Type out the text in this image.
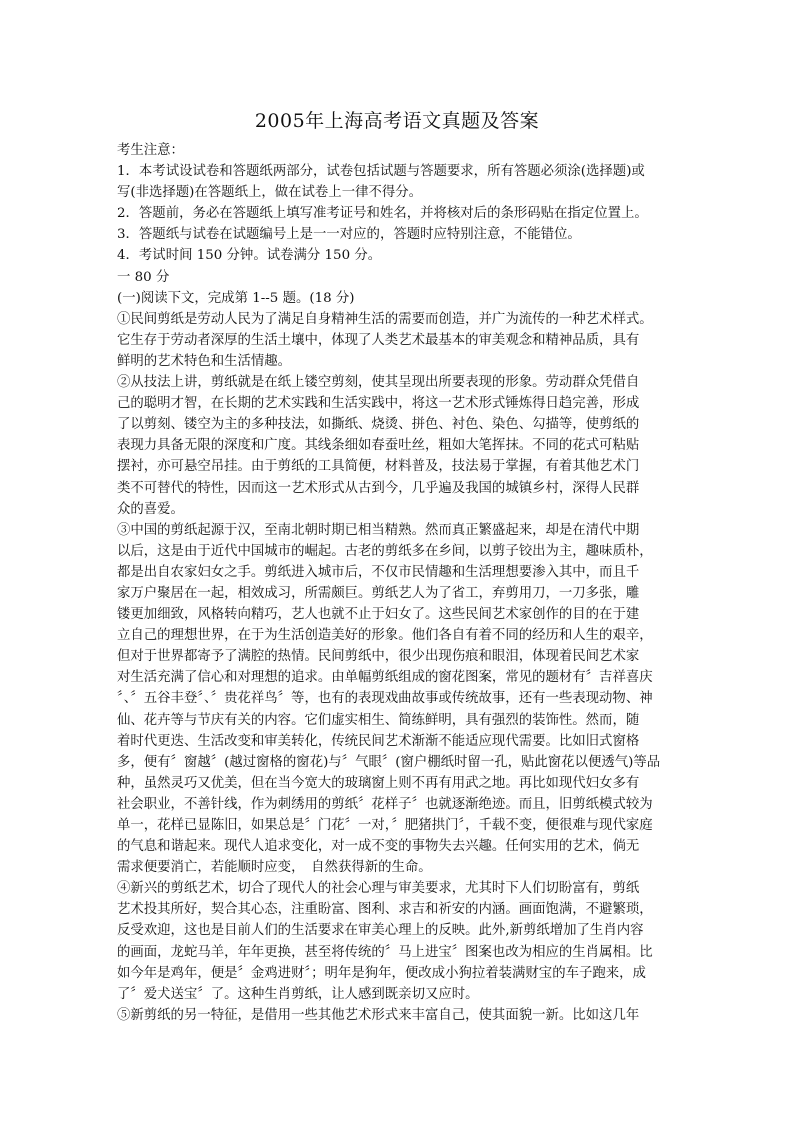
2005年上海高考语文真题及答案
考生注意：
1．本考试设试卷和答题纸两部分，试卷包括试题与答题要求，所有答题必须涂(选择题)或
写(非选择题)在答题纸上，做在试卷上一律不得分。
2．答题前，务必在答题纸上填写准考证号和姓名，并将核对后的条形码贴在指定位置上。
3．答题纸与试卷在试题编号上是一一对应的，答题时应特别注意，不能错位。
4．考试时间 150 分钟。试卷满分 150 分。
一 80 分
(一)阅读下文，完成第 1--5 题。(18 分)
①民间剪纸是劳动人民为了满足自身精神生活的需要而创造，并广为流传的一种艺术样式。
它生存于劳动者深厚的生活土壤中，体现了人类艺术最基本的审美观念和精神品质，具有
鲜明的艺术特色和生活情趣。
②从技法上讲，剪纸就是在纸上镂空剪刻，使其呈现出所要表现的形象。劳动群众凭借自
己的聪明才智，在长期的艺术实践和生活实践中，将这一艺术形式锤炼得日趋完善，形成
了以剪刻、镂空为主的多种技法，如撕纸、烧烫、拼色、衬色、染色、勾描等，使剪纸的
表现力具备无限的深度和广度。其线条细如春蚕吐丝，粗如大笔挥抹。不同的花式可粘贴
摆衬，亦可悬空吊挂。由于剪纸的工具简便，材料普及，技法易于掌握，有着其他艺术门
类不可替代的特性，因而这一艺术形式从古到今，几乎遍及我国的城镇乡村，深得人民群
众的喜爱。
③中国的剪纸起源于汉，至南北朝时期已相当精熟。然而真正繁盛起来，却是在清代中期
以后，这是由于近代中国城市的崛起。古老的剪纸多在乡间，以剪子铰出为主，趣味质朴，
都是出自农家妇女之手。剪纸进入城市后，不仅市民情趣和生活理想要渗入其中，而且千
家万户聚居在一起，相效成习，所需颇巨。剪纸艺人为了省工，弃剪用刀，一刀多张，雕
镂更加细致，风格转向精巧，艺人也就不止于妇女了。这些民间艺术家创作的目的在于建
立自己的理想世界，在于为生活创造美好的形象。他们各自有着不同的经历和人生的艰辛，
但对于世界都寄予了满腔的热情。民间剪纸中，很少出现伤痕和眼泪，体现着民间艺术家
对生活充满了信心和对理想的追求。由单幅剪纸组成的窗花图案，常见的题材有〞吉祥喜庆
〞、〞五谷丰登〞、〞贵花祥鸟〞等，也有的表现戏曲故事或传统故事，还有一些表现动物、神
仙、花卉等与节庆有关的内容。它们虚实相生、简练鲜明，具有强烈的装饰性。然而，随
着时代更迭、生活改变和审美转化，传统民间艺术渐渐不能适应现代需要。比如旧式窗格
多，便有〞窗越〞(越过窗格的窗花)与〞气眼〞(窗户棚纸时留一孔，贴此窗花以便透气)等品
种，虽然灵巧又优美，但在当今宽大的玻璃窗上则不再有用武之地。再比如现代妇女多有
社会职业，不善针线，作为刺绣用的剪纸〞花样子〞也就逐渐绝迹。而且，旧剪纸模式较为
单一，花样已显陈旧，如果总是〞门花〞一对，〞肥猪拱门〞，千载不变，便很难与现代家庭
的气息和谐起来。现代人追求变化，对一成不变的事物失去兴趣。任何实用的艺术，倘无
需求便要消亡，若能顺时应变，　自然获得新的生命。
④新兴的剪纸艺术，切合了现代人的社会心理与审美要求，尤其时下人们切盼富有，剪纸
艺术投其所好，契合其心态，注重盼富、图利、求吉和祈安的内涵。画面饱满，不避繁琐，
反受欢迎，这也是目前人们的生活要求在审美心理上的反映。此外,新剪纸增加了生肖内容
的画面，龙蛇马羊，年年更换，甚至将传统的〞马上进宝〞图案也改为相应的生肖属相。比
如今年是鸡年，便是〞金鸡进财〞；明年是狗年，便改成小狗拉着装满财宝的车子跑来，成
了〞爱犬送宝〞了。这种生肖剪纸，让人感到既亲切又应时。
⑤新剪纸的另一特征，是借用一些其他艺术形式来丰富自己，使其面貌一新。比如这几年
